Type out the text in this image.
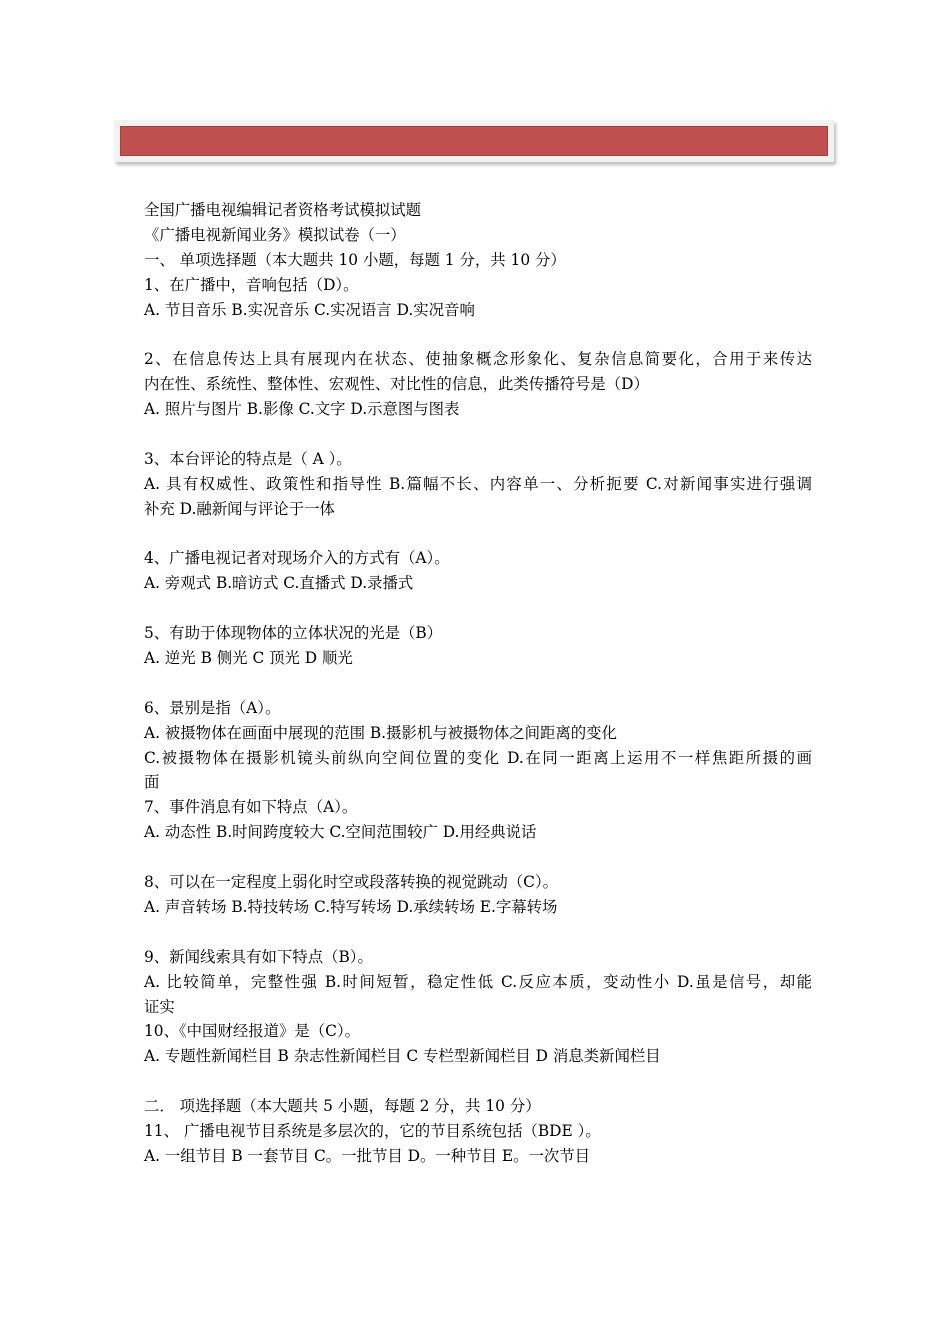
全国广播电视编辑记者资格考试模拟试题
《广播电视新闻业务》模拟试卷（一）
一、 单项选择题（本大题共 10 小题，每题 1 分，共 10 分）
1、在广播中，音响包括（D）。
A. 节目音乐 B.实况音乐 C.实况语言 D.实况音响
2、在信息传达上具有展现内在状态、使抽象概念形象化、复杂信息简要化，合用于来传达
内在性、系统性、整体性、宏观性、对比性的信息，此类传播符号是（D）
A. 照片与图片 B.影像 C.文字 D.示意图与图表
3、本台评论的特点是（ A ）。
A. 具有权威性、政策性和指导性 B.篇幅不长、内容单一、分析扼要 C.对新闻事实进行强调
补充 D.融新闻与评论于一体
4、广播电视记者对现场介入的方式有（A）。
A. 旁观式 B.暗访式 C.直播式 D.录播式
5、有助于体现物体的立体状况的光是（B）
A. 逆光 B 侧光 C 顶光 D 顺光
6、景别是指（A）。
A. 被摄物体在画面中展现的范围 B.摄影机与被摄物体之间距离的变化
C.被摄物体在摄影机镜头前纵向空间位置的变化 D.在同一距离上运用不一样焦距所摄的画
面
7、事件消息有如下特点（A）。
A. 动态性 B.时间跨度较大 C.空间范围较广 D.用经典说话
8、可以在一定程度上弱化时空或段落转换的视觉跳动（C）。
A. 声音转场 B.特技转场 C.特写转场 D.承续转场 E.字幕转场
9、新闻线索具有如下特点（B）。
A. 比较简单，完整性强 B.时间短暂，稳定性低 C.反应本质，变动性小 D.虽是信号，却能
证实
10、《中国财经报道》是（C）。
A. 专题性新闻栏目 B 杂志性新闻栏目 C 专栏型新闻栏目 D 消息类新闻栏目
二． 项选择题（本大题共 5 小题，每题 2 分，共 10 分）
11、 广播电视节目系统是多层次的，它的节目系统包括（BDE ）。
A. 一组节目 B 一套节目 C。一批节目 D。一种节目 E。一次节目
